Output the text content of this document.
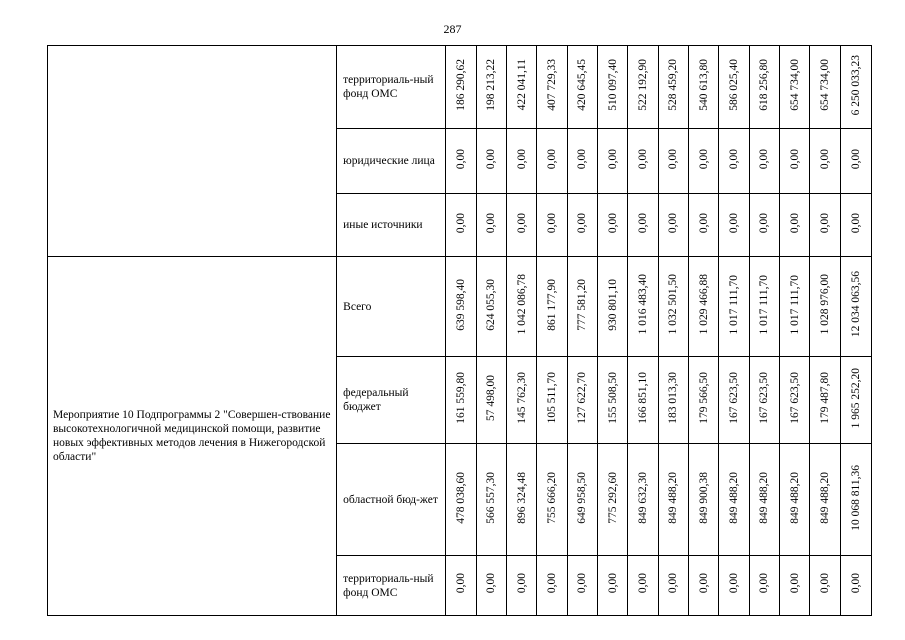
287
	территориаль-ный фонд ОМС	186 290,62	198 213,22	422 041,11	407 729,33	420 645,45	510 097,40	522 192,90	528 459,20	540 613,80	586 025,40	618 256,80	654 734,00	654 734,00	6 250 033,23
	юридические лица	0,00	0,00	0,00	0,00	0,00	0,00	0,00	0,00	0,00	0,00	0,00	0,00	0,00	0,00
	иные источники	0,00	0,00	0,00	0,00	0,00	0,00	0,00	0,00	0,00	0,00	0,00	0,00	0,00	0,00
Мероприятие 10 Подпрограммы 2 "Совершен-ствование высокотехнологичной медицинской помощи, развитие новых эффективных методов лечения в Нижегородской области"	Всего	639 598,40	624 055,30	1 042 086,78	861 177,90	777 581,20	930 801,10	1 016 483,40	1 032 501,50	1 029 466,88	1 017 111,70	1 017 111,70	1 017 111,70	1 028 976,00	12 034 063,56
	федеральный бюджет	161 559,80	57 498,00	145 762,30	105 511,70	127 622,70	155 508,50	166 851,10	183 013,30	179 566,50	167 623,50	167 623,50	167 623,50	179 487,80	1 965 252,20
	областной бюд-жет	478 038,60	566 557,30	896 324,48	755 666,20	649 958,50	775 292,60	849 632,30	849 488,20	849 900,38	849 488,20	849 488,20	849 488,20	849 488,20	10 068 811,36
	территориаль-ный фонд ОМС	0,00	0,00	0,00	0,00	0,00	0,00	0,00	0,00	0,00	0,00	0,00	0,00	0,00	0,00
